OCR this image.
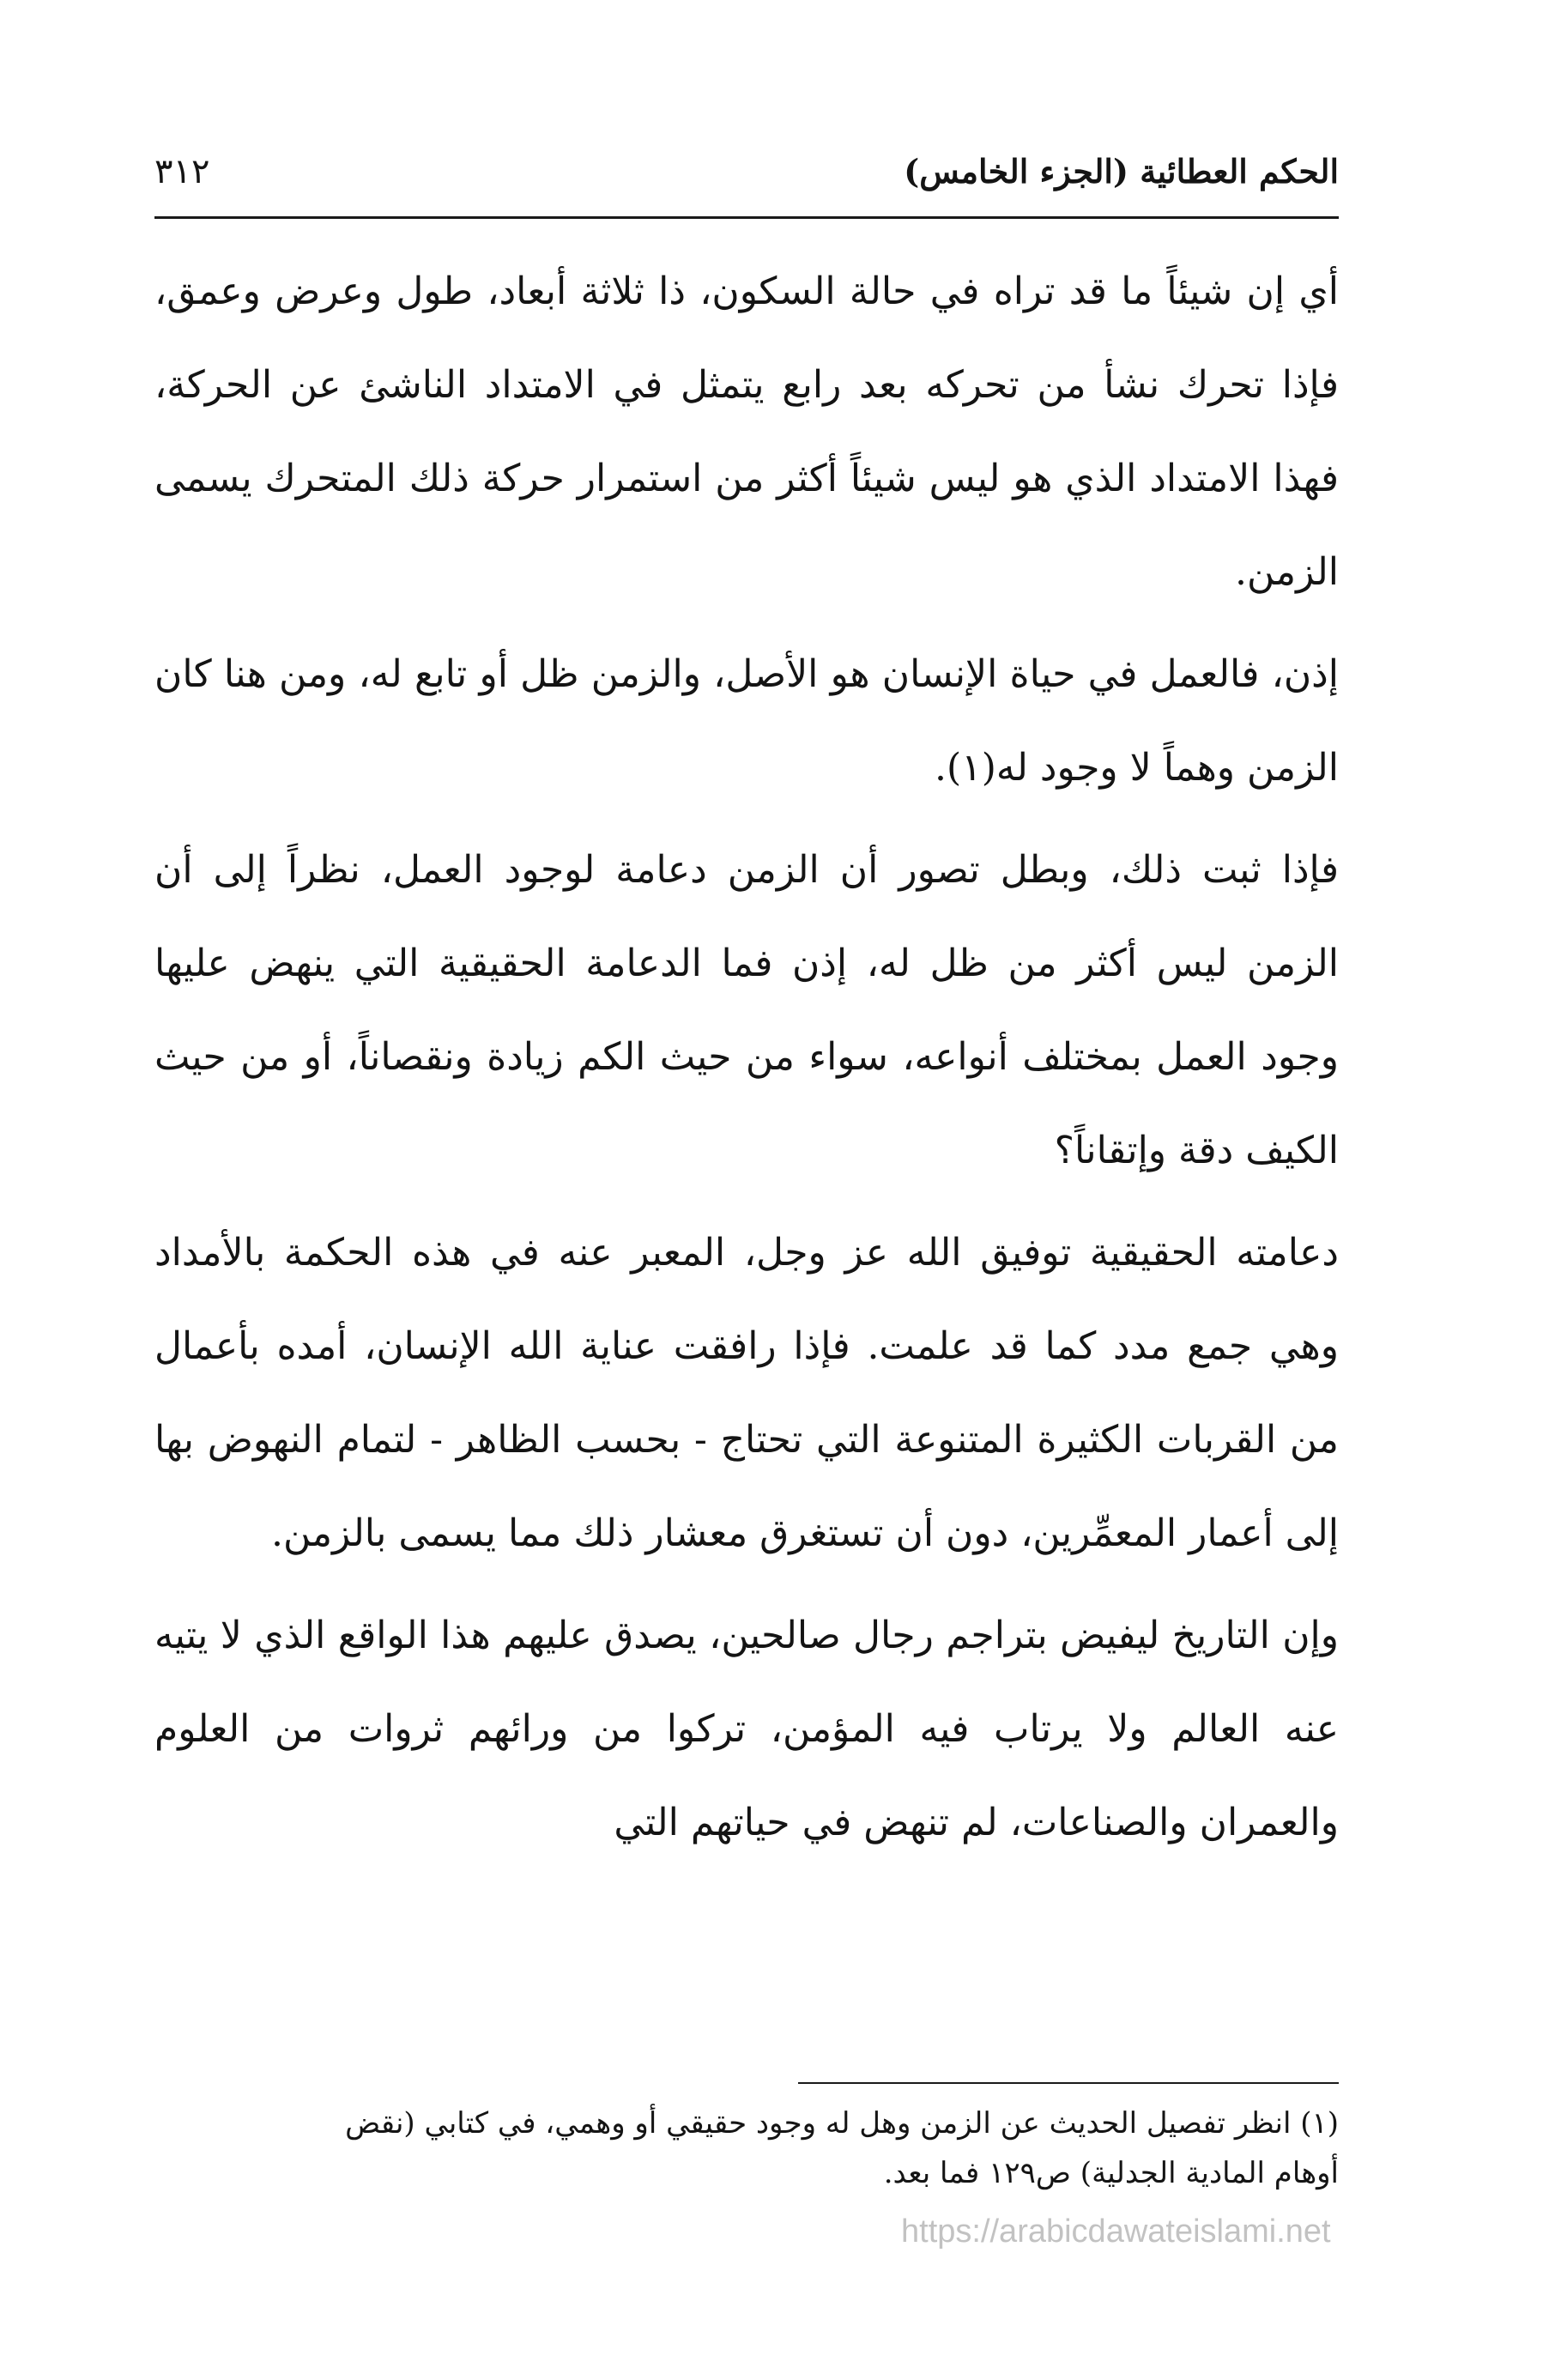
الحكم العطائية (الجزء الخامس)
٣١٢

أي إن شيئاً ما قد تراه في حالة السكون، ذا ثلاثة أبعاد، طول وعرض وعمق، فإذا تحرك نشأ من تحركه بعد رابع يتمثل في الامتداد الناشئ عن الحركة، فهذا الامتداد الذي هو ليس شيئاً أكثر من استمرار حركة ذلك المتحرك يسمى الزمن.

إذن، فالعمل في حياة الإنسان هو الأصل، والزمن ظل أو تابع له، ومن هنا كان الزمن وهماً لا وجود له(١).

فإذا ثبت ذلك، وبطل تصور أن الزمن دعامة لوجود العمل، نظراً إلى أن الزمن ليس أكثر من ظل له، إذن فما الدعامة الحقيقية التي ينهض عليها وجود العمل بمختلف أنواعه، سواء من حيث الكم زيادة ونقصاناً، أو من حيث الكيف دقة وإتقاناً؟

دعامته الحقيقية توفيق الله عز وجل، المعبر عنه في هذه الحكمة بالأمداد وهي جمع مدد كما قد علمت. فإذا رافقت عناية الله الإنسان، أمده بأعمال من القربات الكثيرة المتنوعة التي تحتاج - بحسب الظاهر - لتمام النهوض بها إلى أعمار المعمِّرين، دون أن تستغرق معشار ذلك مما يسمى بالزمن.

وإن التاريخ ليفيض بتراجم رجال صالحين، يصدق عليهم هذا الواقع الذي لا يتيه عنه العالم ولا يرتاب فيه المؤمن، تركوا من ورائهم ثروات من العلوم والعمران والصناعات، لم تنهض في حياتهم التي

(١) انظر تفصيل الحديث عن الزمن وهل له وجود حقيقي أو وهمي، في كتابي (نقض

أوهام المادية الجدلية) ص١٢٩ فما بعد.

https://arabicdawateislami.net
